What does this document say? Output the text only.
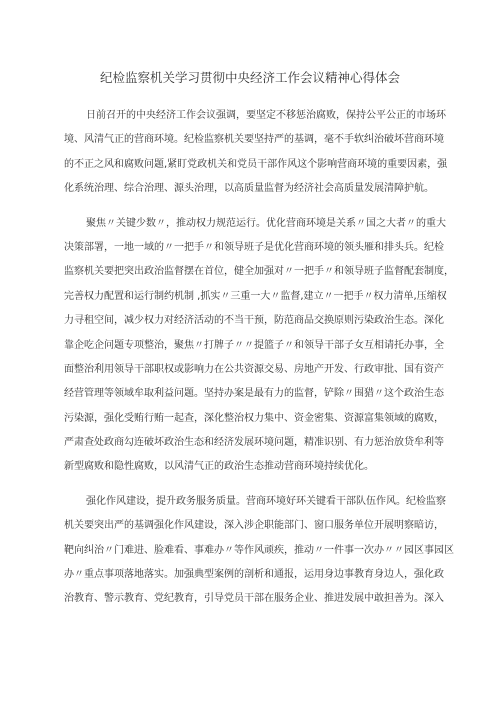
纪检监察机关学习贯彻中央经济工作会议精神心得体会
日前召开的中央经济工作会议强调，要坚定不移惩治腐败，保持公平公正的市场环
境、风清气正的营商环境。纪检监察机关要坚持严的基调，毫不手软纠治破坏营商环境
的不正之风和腐败问题,紧盯党政机关和党员干部作风这个影响营商环境的重要因素，强
化系统治理、综合治理、源头治理，以高质量监督为经济社会高质量发展清障护航。
聚焦〃关键少数〃，推动权力规范运行。优化营商环境是关系〃国之大者〃的重大
决策部署，一地一域的〃一把手〃和领导班子是优化营商环境的领头雁和排头兵。纪检
监察机关要把突出政治监督摆在首位，健全加强对〃一把手〃和领导班子监督配套制度，
完善权力配置和运行制约机制 ,抓实〃三重一大〃监督,建立〃一把手〃权力清单,压缩权
力寻租空间，减少权力对经济活动的不当干预，防范商品交换原则污染政治生态。深化
靠企吃企问题专项整治，聚焦〃打牌子〃〃提篮子〃和领导干部子女互相请托办事，全
面整治利用领导干部职权或影响力在公共资源交易、房地产开发、行政审批、国有资产
经营管理等领域牟取利益问题。坚持办案是最有力的监督，铲除〃围猎〃这个政治生态
污染源，强化受贿行贿一起查，深化整治权力集中、资金密集、资源富集领域的腐败，
严肃查处政商勾连破坏政治生态和经济发展环境问题，精准识别、有力惩治放贷牟利等
新型腐败和隐性腐败，以风清气正的政治生态推动营商环境持续优化。
强化作风建设，提升政务服务质量。营商环境好环关键看干部队伍作风。纪检监察
机关要突出严的基调强化作风建设，深入涉企职能部门、窗口服务单位开展明察暗访，
靶向纠治〃门难进、脸难看、事难办〃等作风顽疾，推动〃一件事一次办〃〃园区事园区
办〃重点事项落地落实。加强典型案例的剖析和通报，运用身边事教育身边人，强化政
治教育、警示教育、党纪教育，引导党员干部在服务企业、推进发展中敢担善为。深入
